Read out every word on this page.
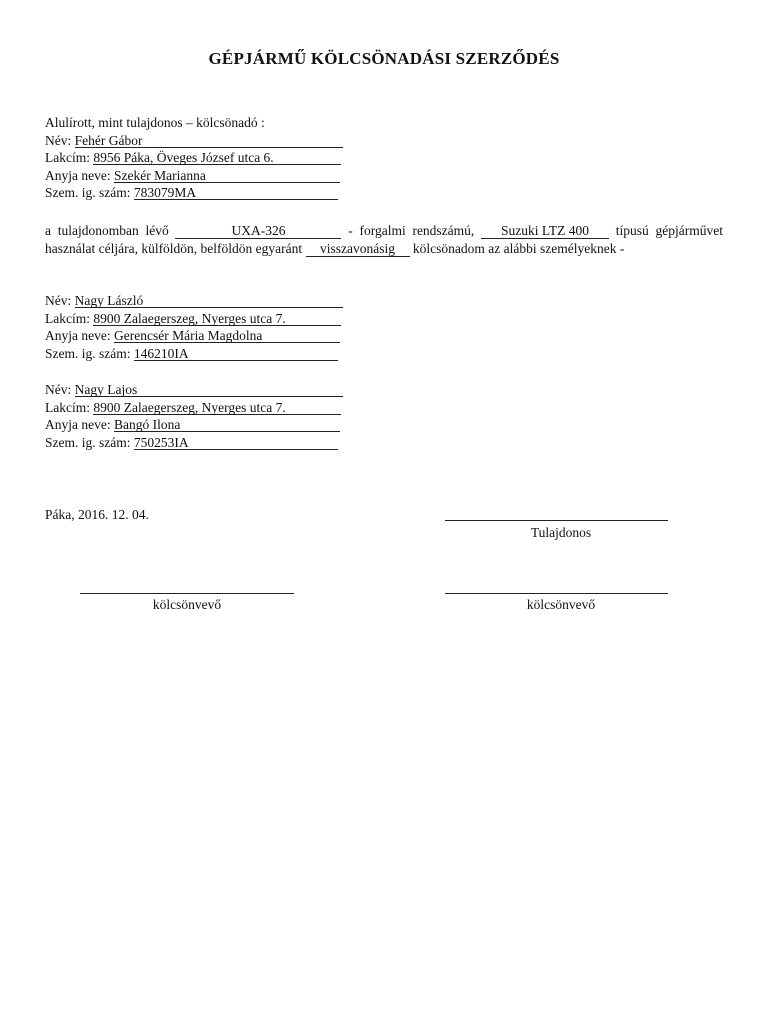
GÉPJÁRMŰ KÖLCSÖNADÁSI SZERZŐDÉS
Alulírott, mint tulajdonos – kölcsönadó :
Név: Fehér Gábor
Lakcím: 8956 Páka, Öveges József utca 6.
Anyja neve: Szekér Marianna
Szem. ig. szám: 783079MA
a tulajdonomban lévő	UXA-326	- forgalmi rendszámú, Suzuki LTZ 400 típusú gépjárművet használat céljára, külföldön, belföldön egyaránt visszavonásig kölcsönadom az alábbi személyeknek -
Név: Nagy László
Lakcím: 8900 Zalaegerszeg, Nyerges utca 7.
Anyja neve: Gerencsér Mária Magdolna
Szem. ig. szám: 146210IA
Név: Nagy Lajos
Lakcím: 8900 Zalaegerszeg, Nyerges utca 7.
Anyja neve: Bangó Ilona
Szem. ig. szám: 750253IA
Páka, 2016. 12. 04.
Tulajdonos
kölcsönvevő	kölcsönvevő
